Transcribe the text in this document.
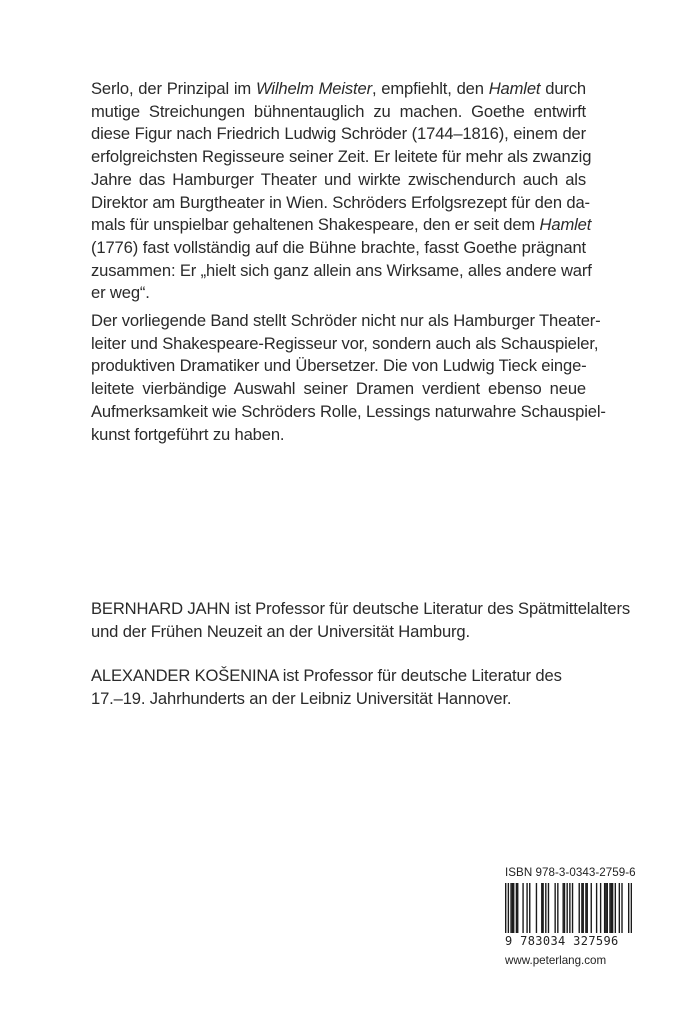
Serlo, der Prinzipal im Wilhelm Meister, empfiehlt, den Hamlet durch
mutige Streichungen bühnentauglich zu machen. Goethe entwirft
diese Figur nach Friedrich Ludwig Schröder (1744–1816), einem der
erfolgreichsten Regisseure seiner Zeit. Er leitete für mehr als zwanzig
Jahre das Hamburger Theater und wirkte zwischendurch auch als
Direktor am Burgtheater in Wien. Schröders Erfolgsrezept für den da-
mals für unspielbar gehaltenen Shakespeare, den er seit dem Hamlet
(1776) fast vollständig auf die Bühne brachte, fasst Goethe prägnant
zusammen: Er „hielt sich ganz allein ans Wirksame, alles andere warf
er weg“.
Der vorliegende Band stellt Schröder nicht nur als Hamburger Theater-
leiter und Shakespeare-Regisseur vor, sondern auch als Schauspieler,
produktiven Dramatiker und Übersetzer. Die von Ludwig Tieck einge-
leitete vierbändige Auswahl seiner Dramen verdient ebenso neue
Aufmerksamkeit wie Schröders Rolle, Lessings naturwahre Schauspiel-
kunst fortgeführt zu haben.
BERNHARD JAHN ist Professor für deutsche Literatur des Spätmittelalters
und der Frühen Neuzeit an der Universität Hamburg.
ALEXANDER KOŠENINA ist Professor für deutsche Literatur des
17.–19. Jahrhunderts an der Leibniz Universität Hannover.
ISBN 978-3-0343-2759-6
9 783034 327596
www.peterlang.com
